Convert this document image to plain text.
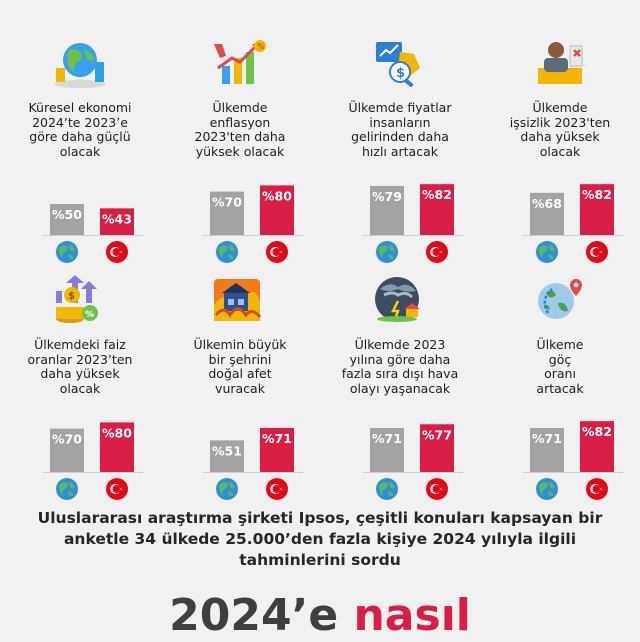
Küresel ekonomi
2024’te 2023’e
göre daha güçlü
olacak
%50 %43
%
Ülkemde
enflasyon
2023'ten daha
yüksek olacak
%70 %80
$
Ülkemde fiyatlar
insanların
gelirinden daha
hızlı artacak
%79 %82
Ülkemde
işsizlik 2023'ten
daha yüksek
olacak
%68
%82
$
%
Ülkemdeki faiz
oranlar 2023’ten
daha yüksek
olacak
%70 %80
Ülkemin büyük
bir şehrini
doğal afet
vuracak
%51
%71
Ülkemde 2023
yılına göre daha
fazla sıra dışı hava
olayı yaşanacak
%71 %77
Ülkeme
göç
oranı
artacak
%71 %82
Uluslararası araştırma şirketi Ipsos, çeşitli konuları kapsayan bir anketle 34 ülkede 25.000’den fazla kişiye 2024 yılıyla ilgili tahminlerini sordu
2024’e nasıl
